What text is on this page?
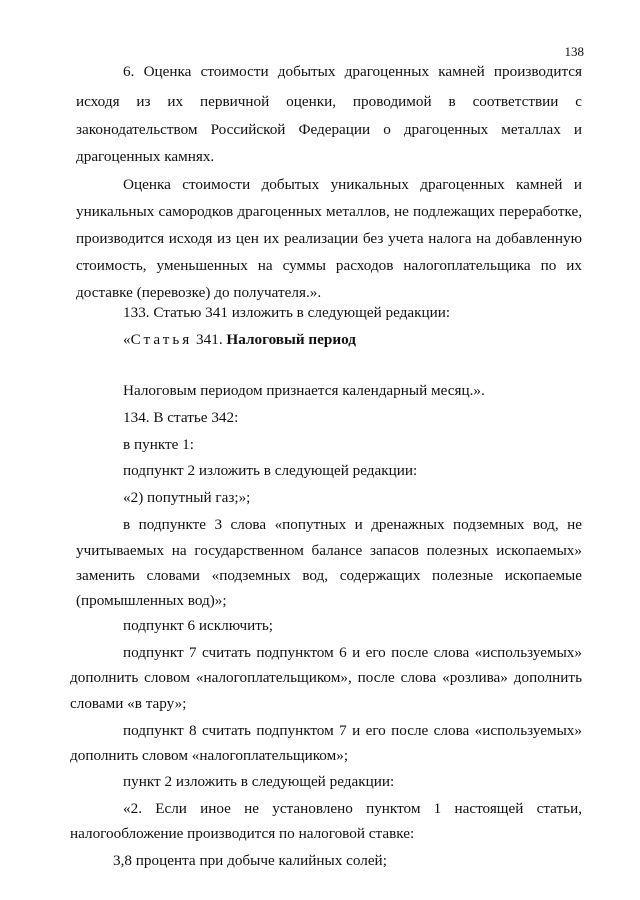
138
6. Оценка стоимости добытых драгоценных камней производится
исходя из их первичной оценки, проводимой в соответствии с
законодательством Российской Федерации о драгоценных металлах и
драгоценных камнях.
Оценка стоимости добытых уникальных драгоценных камней и
уникальных самородков драгоценных металлов, не подлежащих переработке,
производится исходя из цен их реализации без учета налога на добавленную
стоимость, уменьшенных на суммы расходов налогоплательщика по их
доставке (перевозке) до получателя.».
133. Статью 341 изложить в следующей редакции:
«Статья 341. Налоговый период
Налоговым периодом признается календарный месяц.».
134. В статье 342:
в пункте 1:
подпункт 2 изложить в следующей редакции:
«2) попутный газ;»;
в подпункте 3 слова «попутных и дренажных подземных вод, не
учитываемых на государственном балансе запасов полезных ископаемых»
заменить словами «подземных вод, содержащих полезные ископаемые
(промышленных вод)»;
подпункт 6 исключить;
подпункт 7 считать подпунктом 6 и его после слова «используемых»
дополнить словом «налогоплательщиком», после слова «розлива» дополнить
словами «в тару»;
подпункт 8 считать подпунктом 7 и его после слова «используемых»
дополнить словом «налогоплательщиком»;
пункт 2 изложить в следующей редакции:
«2. Если иное не установлено пунктом 1 настоящей статьи,
налогообложение производится по налоговой ставке:
3,8 процента при добыче калийных солей;
